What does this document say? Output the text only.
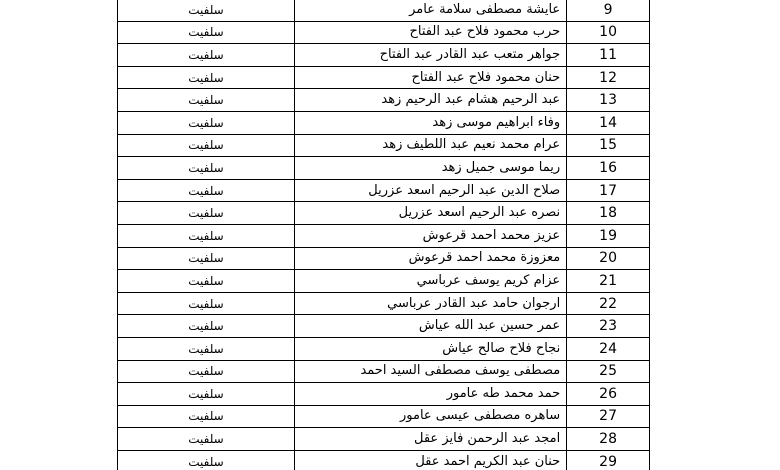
سلفيت	عايشة مصطفى سلامة عامر	9
سلفيت	حرب محمود فلاح عبد الفتاح	10
سلفيت	جواهر متعب عبد القادر عبد الفتاح	11
سلفيت	حنان محمود فلاح عبد الفتاح	12
سلفيت	عبد الرحيم هشام عبد الرحيم زهد	13
سلفيت	وفاء ابراهيم موسى زهد	14
سلفيت	عرام محمد نعيم عبد اللطيف زهد	15
سلفيت	ريما موسى جميل زهد	16
سلفيت	صلاح الدين عبد الرحيم اسعد عزريل	17
سلفيت	نصره عبد الرحيم اسعد عزريل	18
سلفيت	عزيز محمد احمد قرعوش	19
سلفيت	معزوزة محمد احمد قرعوش	20
سلفيت	عزام كريم يوسف عرباسي	21
سلفيت	ارجوان حامد عبد القادر عرباسي	22
سلفيت	عمر حسين عبد الله عياش	23
سلفيت	نجاح فلاح صالح عياش	24
سلفيت	مصطفى يوسف مصطفى السيد احمد	25
سلفيت	حمد محمد طه عامور	26
سلفيت	ساهره مصطفى عيسى عامور	27
سلفيت	امجد عبد الرحمن فايز عقل	28
سلفيت	حنان عبد الكريم احمد عقل	29
